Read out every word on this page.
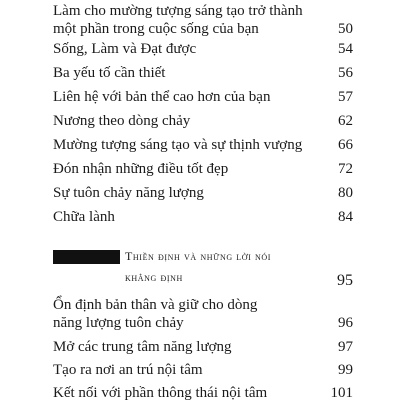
Làm cho mường tượng sáng tạo trở thành
một phần trong cuộc sống của bạn	50
Sống, Làm và Đạt được	54
Ba yếu tố cần thiết	56
Liên hệ với bản thể cao hơn của bạn	57
Nương theo dòng chảy	62
Mường tượng sáng tạo và sự thịnh vượng	66
Đón nhận những điều tốt đẹp	72
Sự tuôn chảy năng lượng	80
Chữa lành	84
Thiền định và những lời nói
khẳng định	95
Ổn định bản thân và giữ cho dòng
năng lượng tuôn chảy	96
Mở các trung tâm năng lượng	97
Tạo ra nơi an trú nội tâm	99
Kết nối với phần thông thái nội tâm	101
